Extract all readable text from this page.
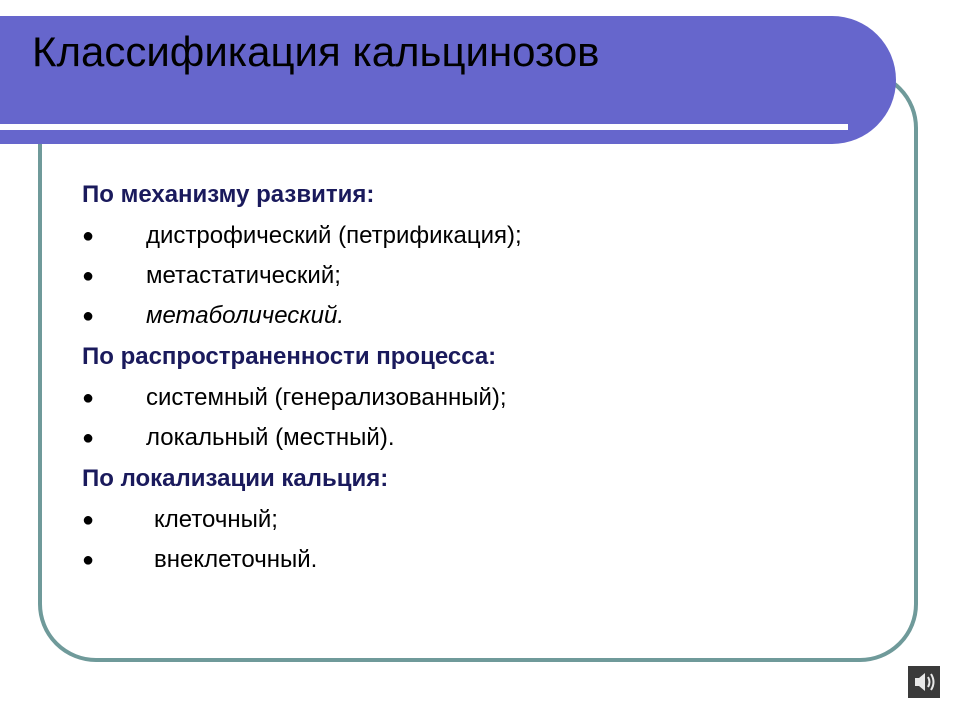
Классификация кальцинозов
По механизму развития:
● дистрофический (петрификация);
● метастатический;
● метаболический.
По распространенности процесса:
● системный (генерализованный);
● локальный (местный).
По локализации кальция:
● клеточный;
● внеклеточный.
